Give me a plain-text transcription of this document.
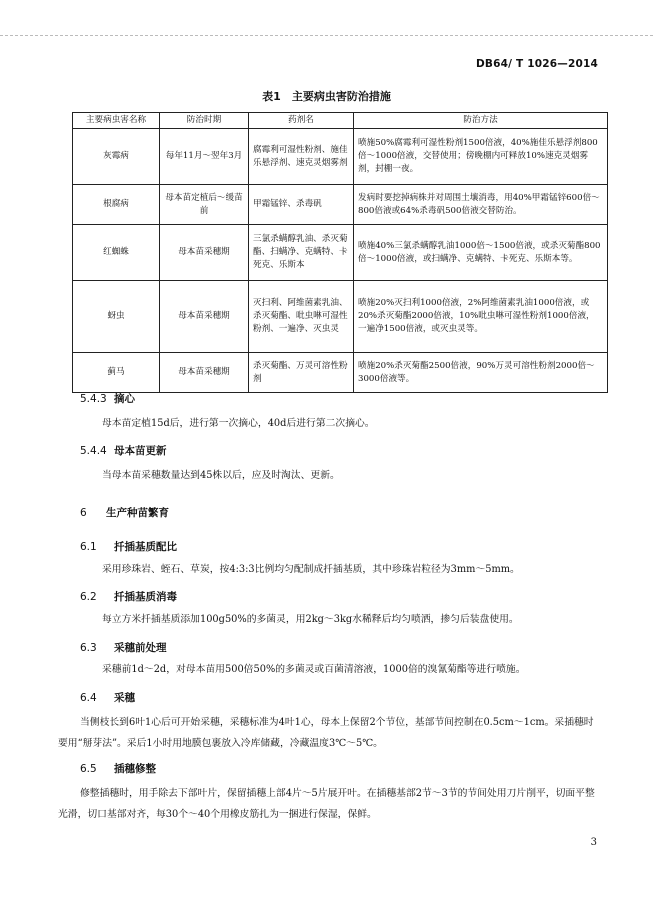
DB64/ T 1026—2014
表1　主要病虫害防治措施
主要病虫害名称	防治时期	药剂名	防治方法
灰霉病	每年11月～翌年3月	腐霉利可湿性粉剂、施佳乐悬浮剂、速克灵烟雾剂	喷施50%腐霉利可湿性粉剂1500倍液，40%施佳乐悬浮剂800倍～1000倍液，交替使用；傍晚棚内可释放10%速克灵烟雾剂，封棚一夜。
根腐病	母本苗定植后～缓苗前	甲霜锰锌、杀毒矾	发病时要挖掉病株并对周围土壤消毒，用40%甲霜锰锌600倍～800倍液或64%杀毒矾500倍液交替防治。
红蜘蛛	母本苗采穗期	三氯杀螨醇乳油、杀灭菊酯、扫螨净、克螨特、卡死克、乐斯本	喷施40%三氯杀螨醇乳油1000倍～1500倍液，或杀灭菊酯800倍～1000倍液，或扫螨净、克螨特、卡死克、乐斯本等。
蚜虫	母本苗采穗期	灭扫利、阿维菌素乳油、杀灭菊酯、吡虫啉可湿性粉剂、一遍净、灭虫灵	喷施20%灭扫利1000倍液，2%阿维菌素乳油1000倍液，或20%杀灭菊酯2000倍液，10%吡虫啉可湿性粉剂1000倍液，一遍净1500倍液，或灭虫灵等。
蓟马	母本苗采穗期	杀灭菊酯、万灵可溶性粉剂	喷施20%杀灭菊酯2500倍液，90%万灵可溶性粉剂2000倍～3000倍液等。
5.4.3 摘心
母本苗定植15d后，进行第一次摘心，40d后进行第二次摘心。
5.4.4 母本苗更新
当母本苗采穗数量达到45株以后，应及时淘汰、更新。
6 生产种苗繁育
6.1 扦插基质配比
采用珍珠岩、蛭石、草炭，按4:3:3比例均匀配制成扦插基质，其中珍珠岩粒径为3mm～5mm。
6.2 扦插基质消毒
每立方米扦插基质添加100g50%的多菌灵，用2kg～3kg水稀释后均匀喷洒，掺匀后装盘使用。
6.3 采穗前处理
采穗前1d～2d，对母本苗用500倍50%的多菌灵或百菌清溶液，1000倍的溴氰菊酯等进行喷施。
6.4 采穗
当侧枝长到6叶1心后可开始采穗，采穗标准为4叶1心，母本上保留2个节位，基部节间控制在0.5cm～1cm。采插穗时要用“掰芽法”。采后1小时用地膜包裹放入冷库储藏，冷藏温度3℃～5℃。
6.5 插穗修整
修整插穗时，用手除去下部叶片，保留插穗上部4片～5片展开叶。在插穗基部2节～3节的节间处用刀片削平，切面平整光滑，切口基部对齐，每30个～40个用橡皮筋扎为一捆进行保湿，保鲜。
3
